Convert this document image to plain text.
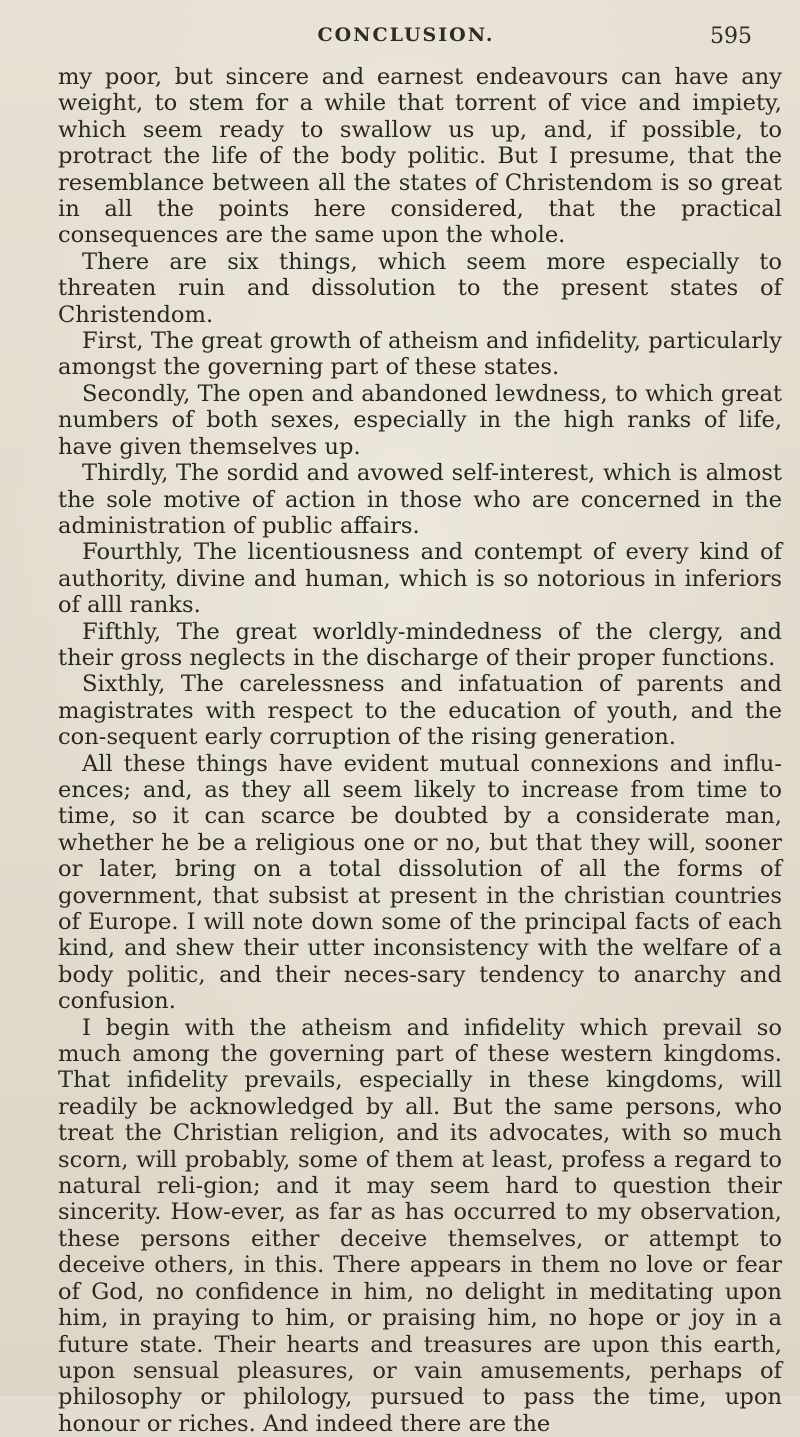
CONCLUSION.	595

my poor, but sincere and earnest endeavours can have any weight, to stem for a while that torrent of vice and impiety, which seem ready to swallow us up, and, if possible, to protract the life of the body politic. But I presume, that the resemblance between all the states of Christendom is so great in all the points here considered, that the practical consequences are the same upon the whole.

There are six things, which seem more especially to threaten ruin and dissolution to the present states of Christendom.

First, The great growth of atheism and infidelity, particularly amongst the governing part of these states.

Secondly, The open and abandoned lewdness, to which great numbers of both sexes, especially in the high ranks of life, have given themselves up.

Thirdly, The sordid and avowed self-interest, which is almost the sole motive of action in those who are concerned in the administration of public affairs.

Fourthly, The licentiousness and contempt of every kind of authority, divine and human, which is so notorious in inferiors of alll ranks.

Fifthly, The great worldly-mindedness of the clergy, and their gross neglects in the discharge of their proper functions.

Sixthly, The carelessness and infatuation of parents and magistrates with respect to the education of youth, and the con-sequent early corruption of the rising generation.

All these things have evident mutual connexions and influ-ences; and, as they all seem likely to increase from time to time, so it can scarce be doubted by a considerate man, whether he be a religious one or no, but that they will, sooner or later, bring on a total dissolution of all the forms of government, that subsist at present in the christian countries of Europe. I will note down some of the principal facts of each kind, and shew their utter inconsistency with the welfare of a body politic, and their neces-sary tendency to anarchy and confusion.

I begin with the atheism and infidelity which prevail so much among the governing part of these western kingdoms. That infidelity prevails, especially in these kingdoms, will readily be acknowledged by all. But the same persons, who treat the Christian religion, and its advocates, with so much scorn, will probably, some of them at least, profess a regard to natural reli-gion; and it may seem hard to question their sincerity. How-ever, as far as has occurred to my observation, these persons either deceive themselves, or attempt to deceive others, in this. There appears in them no love or fear of God, no confidence in him, no delight in meditating upon him, in praying to him, or praising him, no hope or joy in a future state. Their hearts and treasures are upon this earth, upon sensual pleasures, or vain amusements, perhaps of philosophy or philology, pursued to pass the time, upon honour or riches. And indeed there are the
